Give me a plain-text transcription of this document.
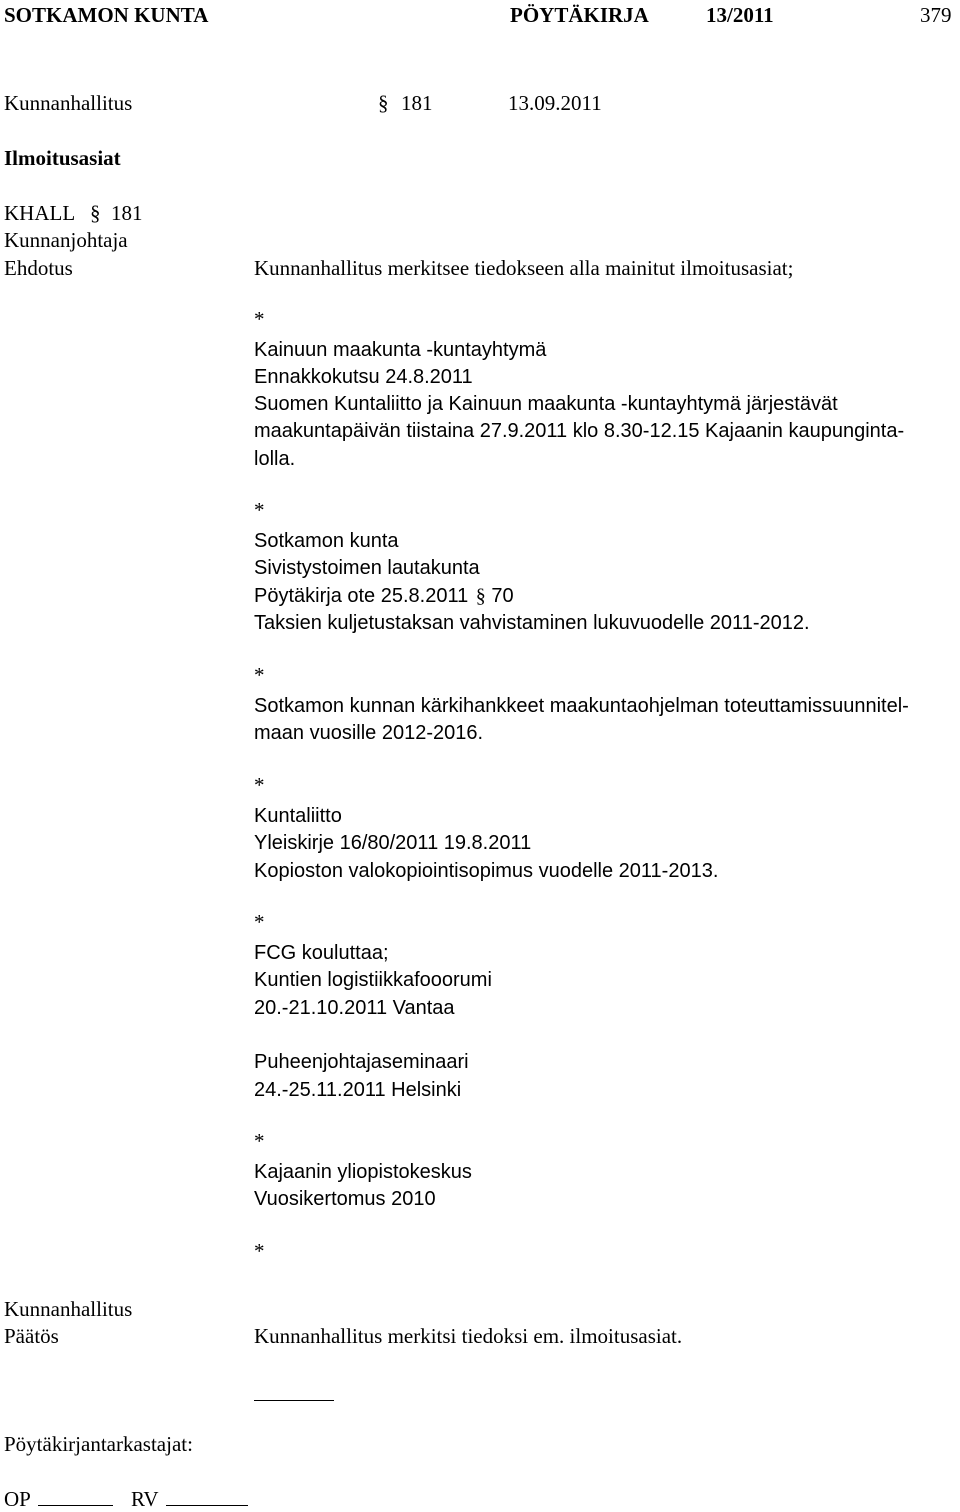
SOTKAMON KUNTA	PÖYTÄKIRJA	13/2011	379
Kunnanhallitus	§ 181	13.09.2011
Ilmoitusasiat
KHALL § 181
Kunnanjohtaja
Ehdotus	Kunnanhallitus merkitsee tiedokseen alla mainitut ilmoitusasiat;
*
Kainuun maakunta -kuntayhtymä
Ennakkokutsu 24.8.2011
Suomen Kuntaliitto ja Kainuun maakunta -kuntayhtymä järjestävät
maakuntapäivän tiistaina 27.9.2011 klo 8.30-12.15 Kajaanin kaupunginta-
lolla.
*
Sotkamon kunta
Sivistystoimen lautakunta
Pöytäkirja ote 25.8.2011 § 70
Taksien kuljetustaksan vahvistaminen lukuvuodelle 2011-2012.
*
Sotkamon kunnan kärkihankkeet maakuntaohjelman toteuttamissuunnitel-
maan vuosille 2012-2016.
*
Kuntaliitto
Yleiskirje 16/80/2011 19.8.2011
Kopioston valokopiointisopimus vuodelle 2011-2013.
*
FCG kouluttaa;
Kuntien logistiikkafooorumi
20.-21.10.2011 Vantaa
Puheenjohtajaseminaari
24.-25.11.2011 Helsinki
*
Kajaanin yliopistokeskus
Vuosikertomus 2010
*
Kunnanhallitus
Päätös	Kunnanhallitus merkitsi tiedoksi em. ilmoitusasiat.
Pöytäkirjantarkastajat:
OP	RV
